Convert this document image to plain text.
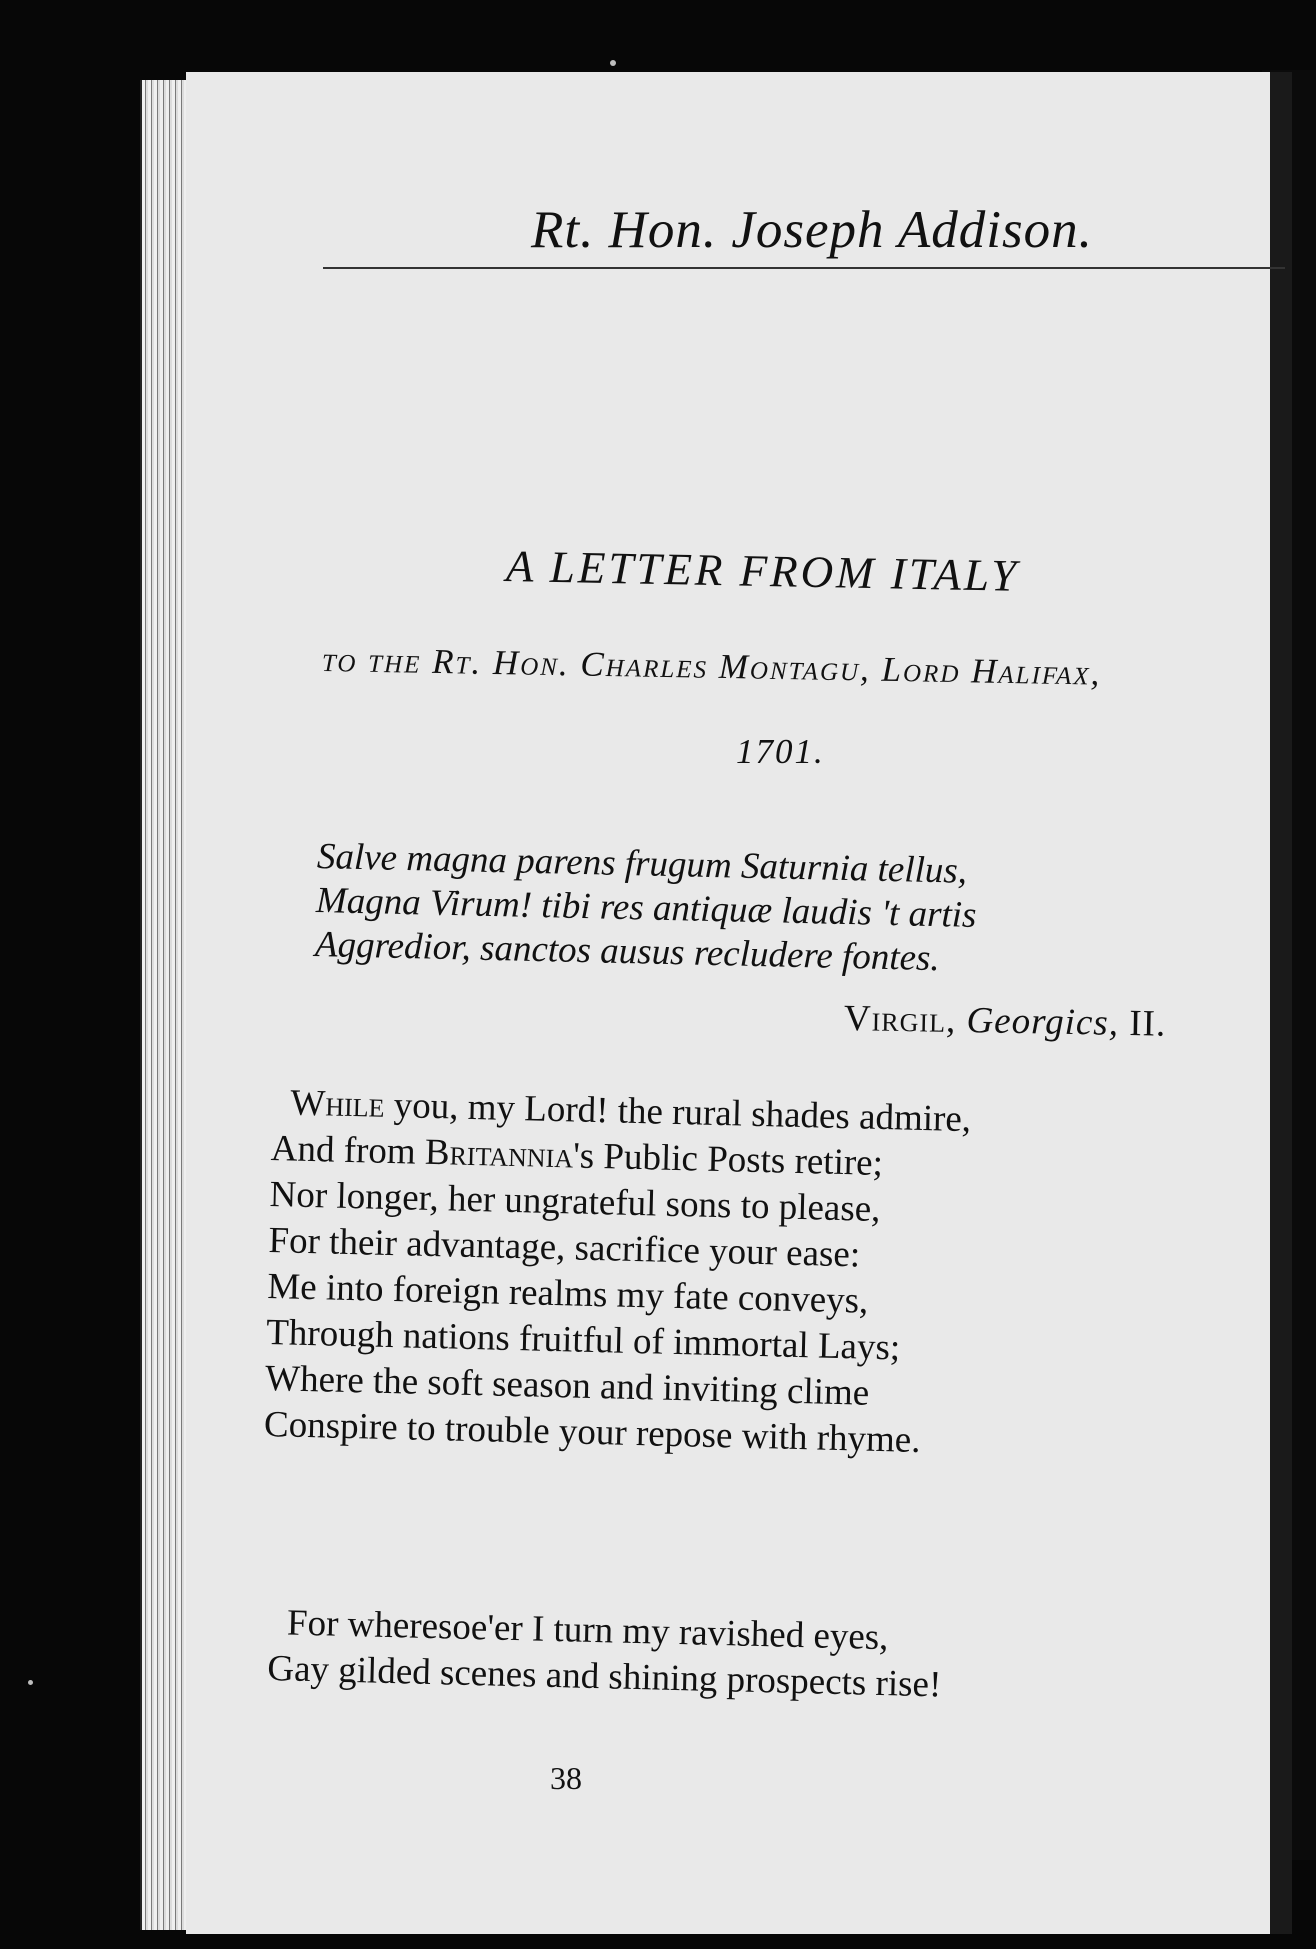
Rt. Hon. Joseph Addison.
A LETTER FROM ITALY
to the Rt. Hon. Charles Montagu, Lord Halifax,
1701.
Salve magna parens frugum Saturnia tellus,
Magna Virum! tibi res antiquæ laudis 't artis
Aggredior, sanctos ausus recludere fontes.
Virgil, Georgics, II.
While you, my Lord! the rural shades admire,
And from Britannia's Public Posts retire;
Nor longer, her ungrateful sons to please,
For their advantage, sacrifice your ease:
Me into foreign realms my fate conveys,
Through nations fruitful of immortal Lays;
Where the soft season and inviting clime
Conspire to trouble your repose with rhyme.
For wheresoe'er I turn my ravished eyes,
Gay gilded scenes and shining prospects rise!
38
